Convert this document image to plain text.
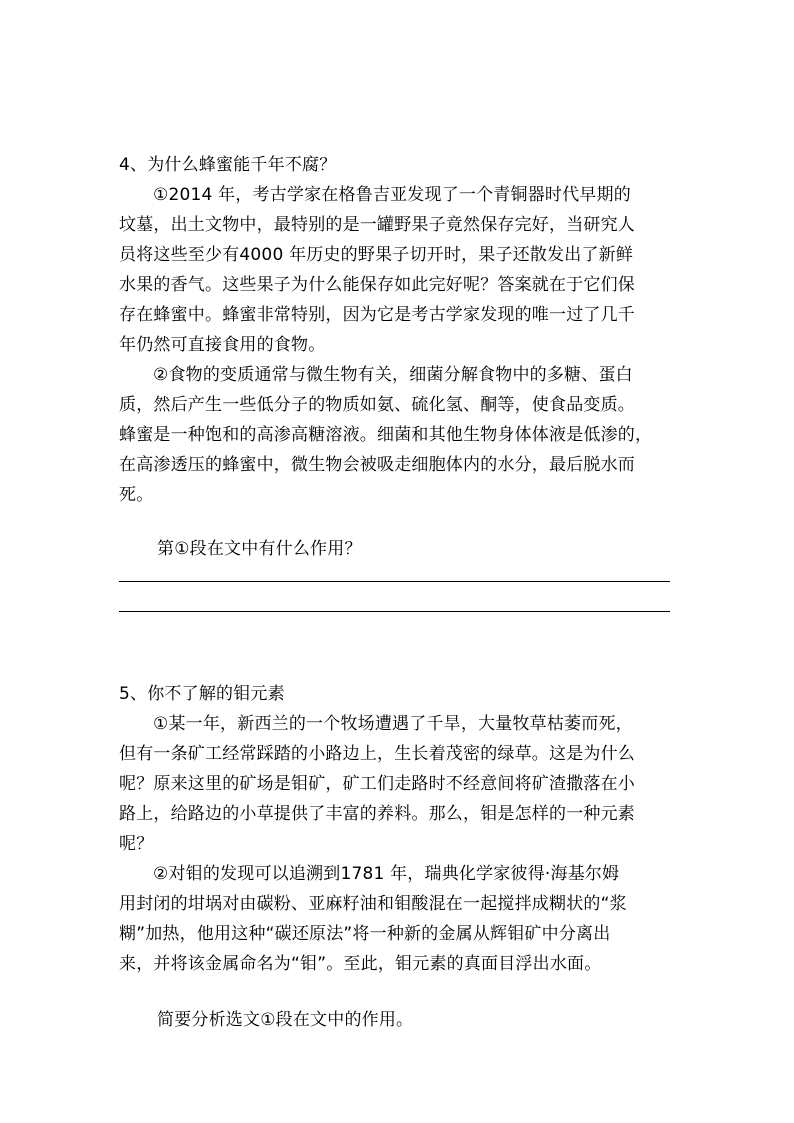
4、为什么蜂蜜能千年不腐？
①2014 年，考古学家在格鲁吉亚发现了一个青铜器时代早期的
坟墓，出土文物中，最特别的是一罐野果子竟然保存完好，当研究人
员将这些至少有4000 年历史的野果子切开时，果子还散发出了新鲜
水果的香气。这些果子为什么能保存如此完好呢？答案就在于它们保
存在蜂蜜中。蜂蜜非常特别，因为它是考古学家发现的唯一过了几千
年仍然可直接食用的食物。
②食物的变质通常与微生物有关，细菌分解食物中的多糖、蛋白
质，然后产生一些低分子的物质如氨、硫化氢、酮等，使食品变质。
蜂蜜是一种饱和的高渗高糖溶液。细菌和其他生物身体体液是低渗的，
在高渗透压的蜂蜜中，微生物会被吸走细胞体内的水分，最后脱水而
死。
第①段在文中有什么作用？
5、你不了解的钼元素
①某一年，新西兰的一个牧场遭遇了千旱，大量牧草枯萎而死，
但有一条矿工经常踩踏的小路边上，生长着茂密的绿草。这是为什么
呢？原来这里的矿场是钼矿，矿工们走路时不经意间将矿渣撒落在小
路上，给路边的小草提供了丰富的养料。那么，钼是怎样的一种元素
呢？
②对钼的发现可以追溯到1781 年，瑞典化学家彼得·海基尔姆
用封闭的坩埚对由碳粉、亚麻籽油和钼酸混在一起搅拌成糊状的“浆
糊”加热，他用这种“碳还原法”将一种新的金属从辉钼矿中分离出
来，并将该金属命名为“钼”。至此，钼元素的真面目浮出水面。
简要分析选文①段在文中的作用。
